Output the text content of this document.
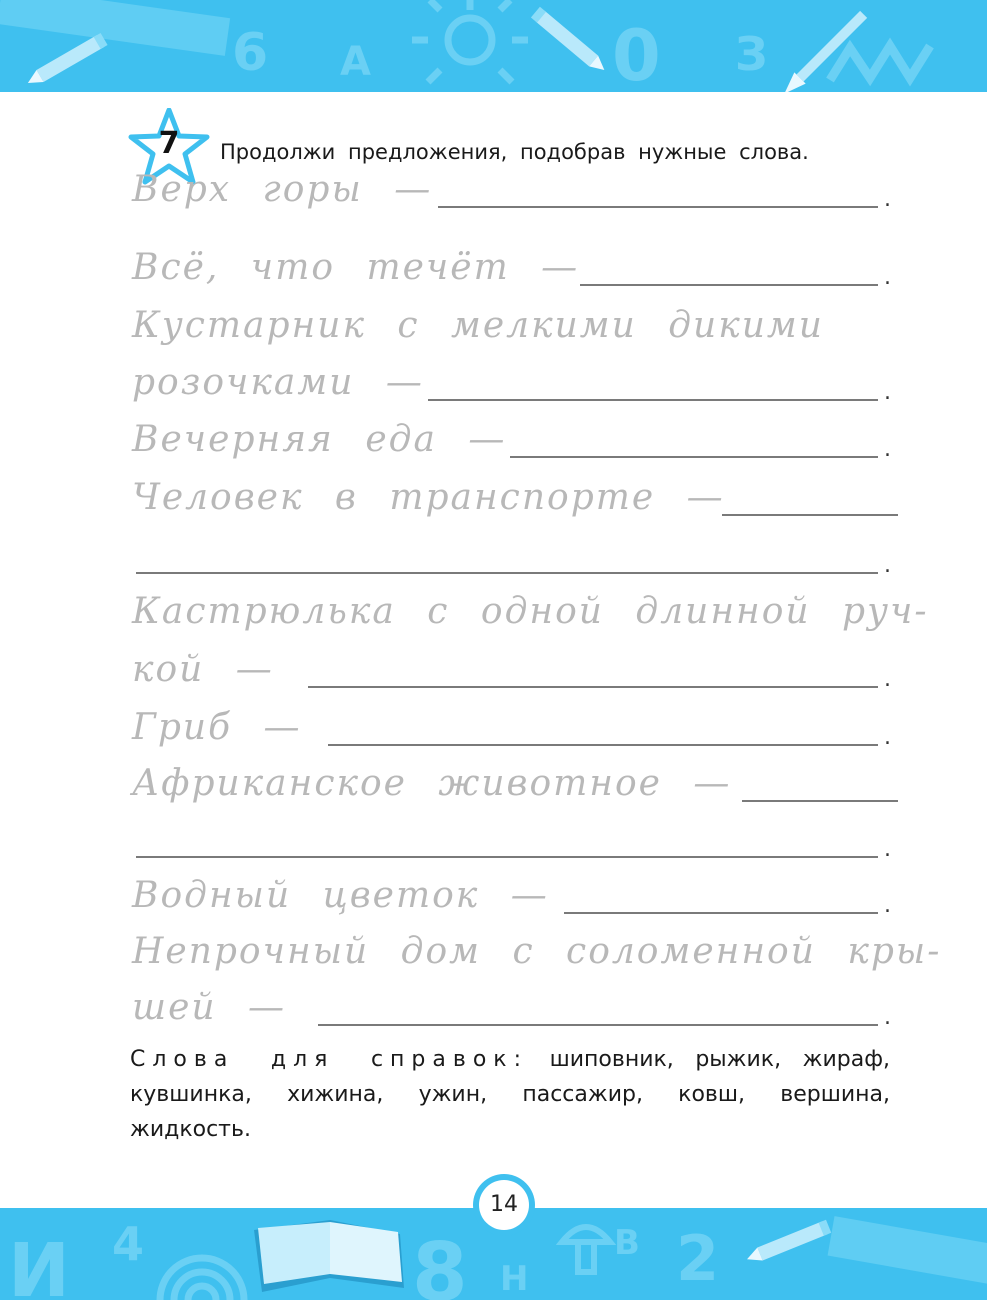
6 А	0 З
7	Продолжи предложения, подобрав нужные слова.
Верх горы —	.
Всё, что течёт —	.
Кустарник с мелкими дикими
розочками —	.
Вечерняя еда —	.
Человек в транспорте —
.
Кастрюлька с одной длинной руч-
кой —	.
Гриб —	.
Африканское животное —
.
Водный цветок —	.
Непрочный дом с соломенной кры-
шей —	.
Слова для справок: шиповник, рыжик, жираф, кувшинка, хижина, ужин, пассажир, ковш, вершина, жидкость.
И 4	8 Н
В 2
14
